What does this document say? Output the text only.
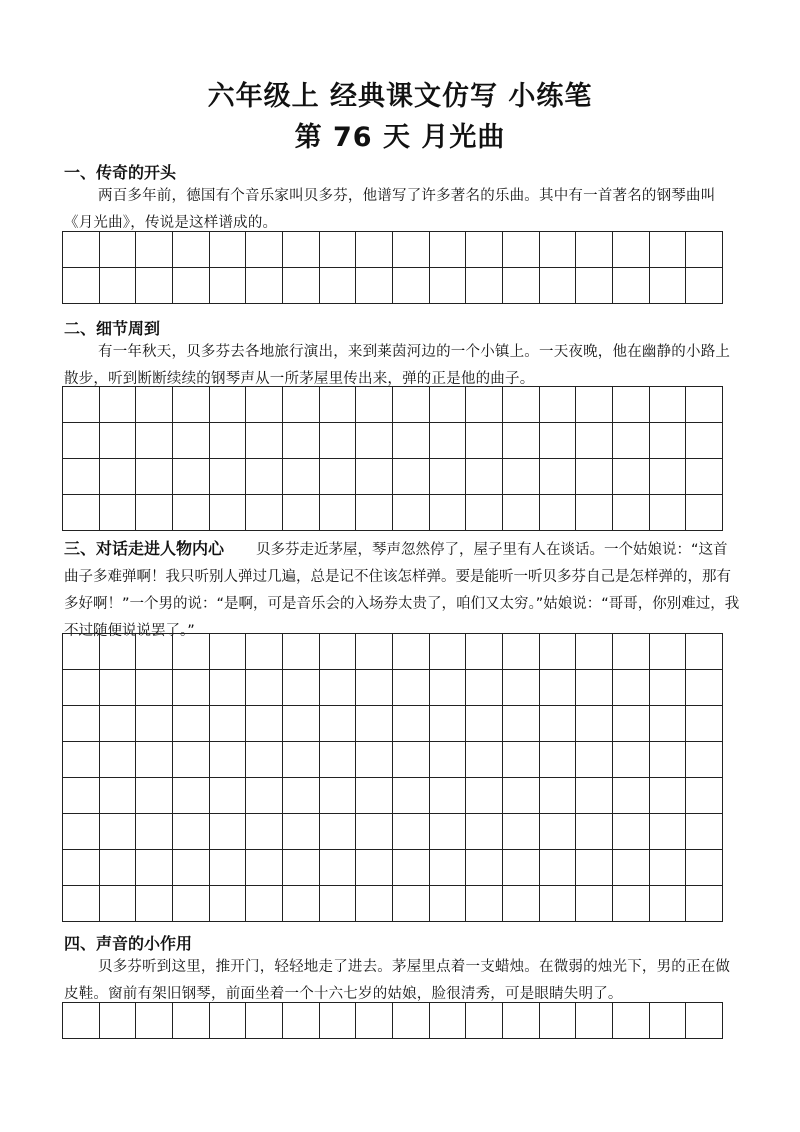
六年级上 经典课文仿写 小练笔
第 76 天 月光曲
一、传奇的开头
两百多年前，德国有个音乐家叫贝多芬，他谱写了许多著名的乐曲。其中有一首著名的钢琴曲叫《月光曲》，传说是这样谱成的。
二、细节周到
有一年秋天，贝多芬去各地旅行演出，来到莱茵河边的一个小镇上。一天夜晚，他在幽静的小路上散步，听到断断续续的钢琴声从一所茅屋里传出来，弹的正是他的曲子。
三、对话走进人物内心 贝多芬走近茅屋，琴声忽然停了，屋子里有人在谈话。一个姑娘说：“这首曲子多难弹啊！我只听别人弹过几遍，总是记不住该怎样弹。要是能听一听贝多芬自己是怎样弹的，那有多好啊！”一个男的说：“是啊，可是音乐会的入场券太贵了，咱们又太穷。”姑娘说：“哥哥，你别难过，我不过随便说说罢了。”
四、声音的小作用
贝多芬听到这里，推开门，轻轻地走了进去。茅屋里点着一支蜡烛。在微弱的烛光下，男的正在做皮鞋。窗前有架旧钢琴，前面坐着一个十六七岁的姑娘，脸很清秀，可是眼睛失明了。
